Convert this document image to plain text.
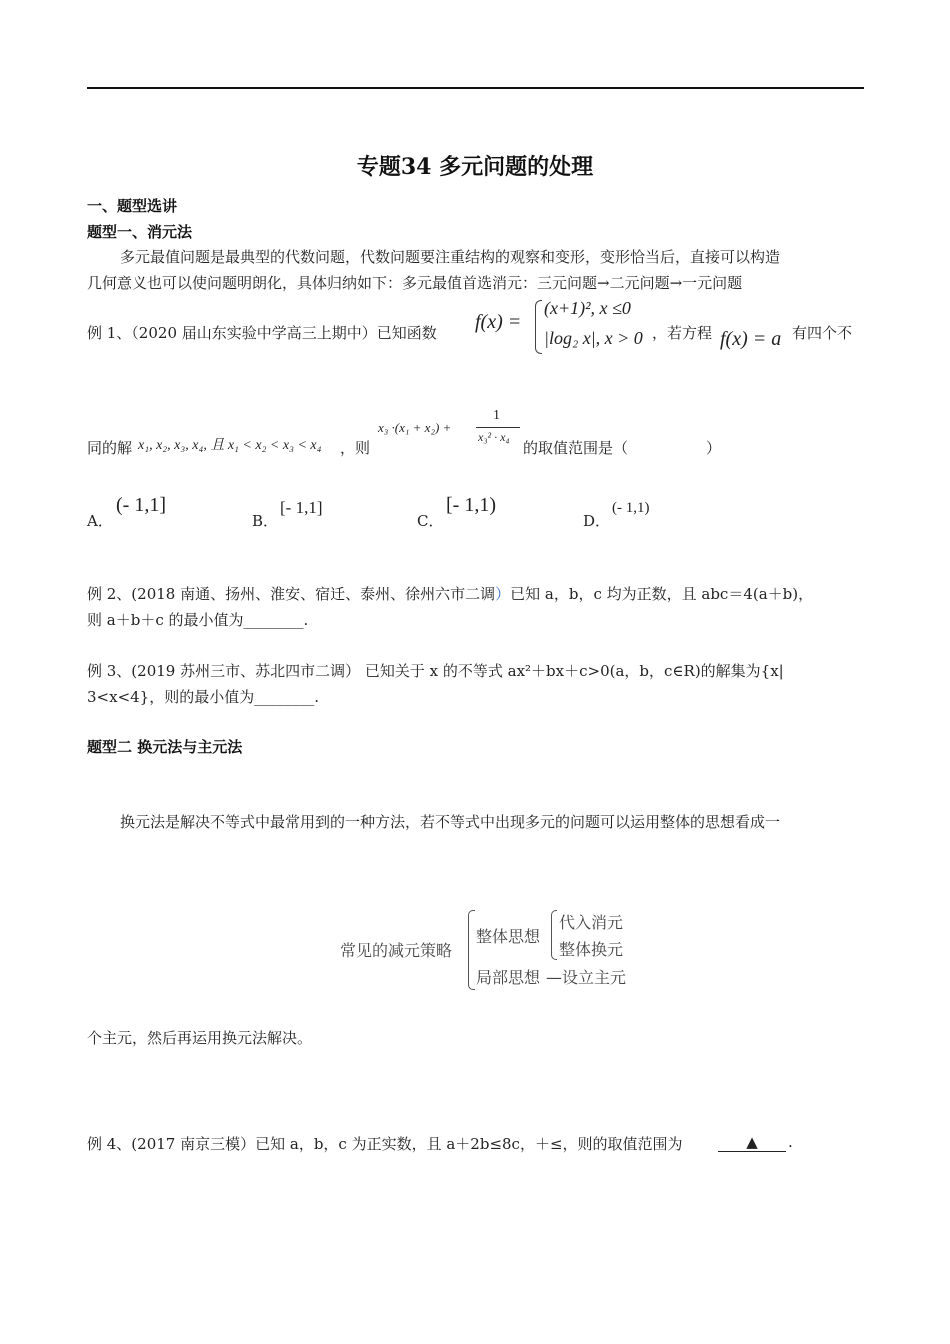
专题34 多元问题的处理
一、题型选讲
题型一、消元法
多元最值问题是最典型的代数问题，代数问题要注重结构的观察和变形，变形恰当后，直接可以构造
几何意义也可以使问题明朗化，具体归纳如下：多元最值首选消元：三元问题→二元问题→一元问题
例 1、（2020 届山东实验中学高三上期中）已知函数 f(x) =
(x+1)², x ≤0
|log₂ x|, x > 0 ，若方程 f(x) = a 有四个不
同的解 x₁, x₂, x₃, x₄, 且 x₁ < x₂ < x₃ < x₄ ，则
x₃ ·(x₁ + x₂) +
1
x₃² · x₄
的取值范围是（	）
A．
(- 1,1]
B．
[- 1,1]
C．
[- 1,1)
D．
(- 1,1)
例 2、(2018 南通、扬州、淮安、宿迁、泰州、徐州六市二调）已知 a，b，c 均为正数，且 abc＝4(a＋b)，
则 a＋b＋c 的最小值为________.
例 3、(2019 苏州三市、苏北四市二调） 已知关于 x 的不等式 ax²＋bx＋c>0(a，b，c∈R)的解集为{x|
3<x<4}，则的最小值为________.
题型二 换元法与主元法
换元法是解决不等式中最常用到的一种方法，若不等式中出现多元的问题可以运用整体的思想看成一
常见的减元策略
整体思想
代入消元
整体换元
局部思想 —设立主元
个主元，然后再运用换元法解决。
例 4、(2017 南京三模）已知 a，b，c 为正实数，且 a＋2b≤8c，＋≤，则的取值范围为	▲	.
